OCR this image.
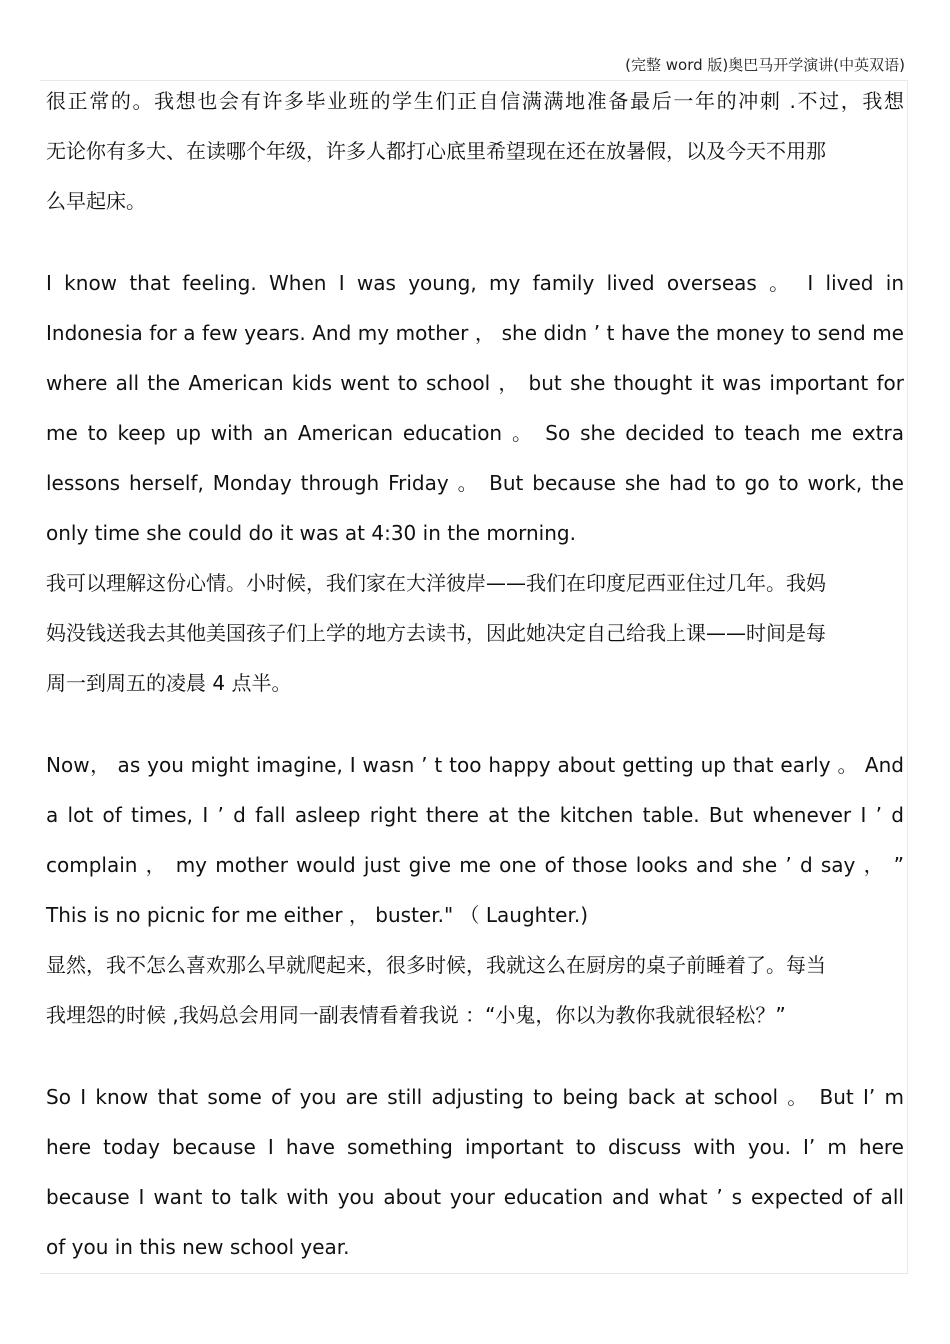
(完整 word 版)奥巴马开学演讲(中英双语)
很正常的。我想也会有许多毕业班的学生们正自信满满地准备最后一年的冲刺 .不过，我想
无论你有多大、在读哪个年级，许多人都打心底里希望现在还在放暑假，以及今天不用那
么早起床。
I know that feeling. When I was young, my family lived overseas 。 I lived in
Indonesia for a few years. And my mother ， she didn ’ t have the money to send me
where all the American kids went to school ， but she thought it was important for
me to keep up with an American education 。 So she decided to teach me extra
lessons herself, Monday through Friday 。 But because she had to go to work, the
only time she could do it was at 4:30 in the morning.
我可以理解这份心情。小时候，我们家在大洋彼岸——我们在印度尼西亚住过几年。我妈
妈没钱送我去其他美国孩子们上学的地方去读书，因此她决定自己给我上课——时间是每
周一到周五的凌晨 4 点半。
Now， as you might imagine, I wasn ’ t too happy about getting up that early 。 And
a lot of times, I ’ d fall asleep right there at the kitchen table. But whenever I ’ d
complain ， my mother would just give me one of those looks and she ’ d say ， ”
This is no picnic for me either ， buster." （ Laughter.)
显然，我不怎么喜欢那么早就爬起来，很多时候，我就这么在厨房的桌子前睡着了。每当
我埋怨的时候 ,我妈总会用同一副表情看着我说 ：“小鬼，你以为教你我就很轻松？”
So I know that some of you are still adjusting to being back at school 。 But I’ m
here today because I have something important to discuss with you. I’ m here
because I want to talk with you about your education and what ’ s expected of all
of you in this new school year.
